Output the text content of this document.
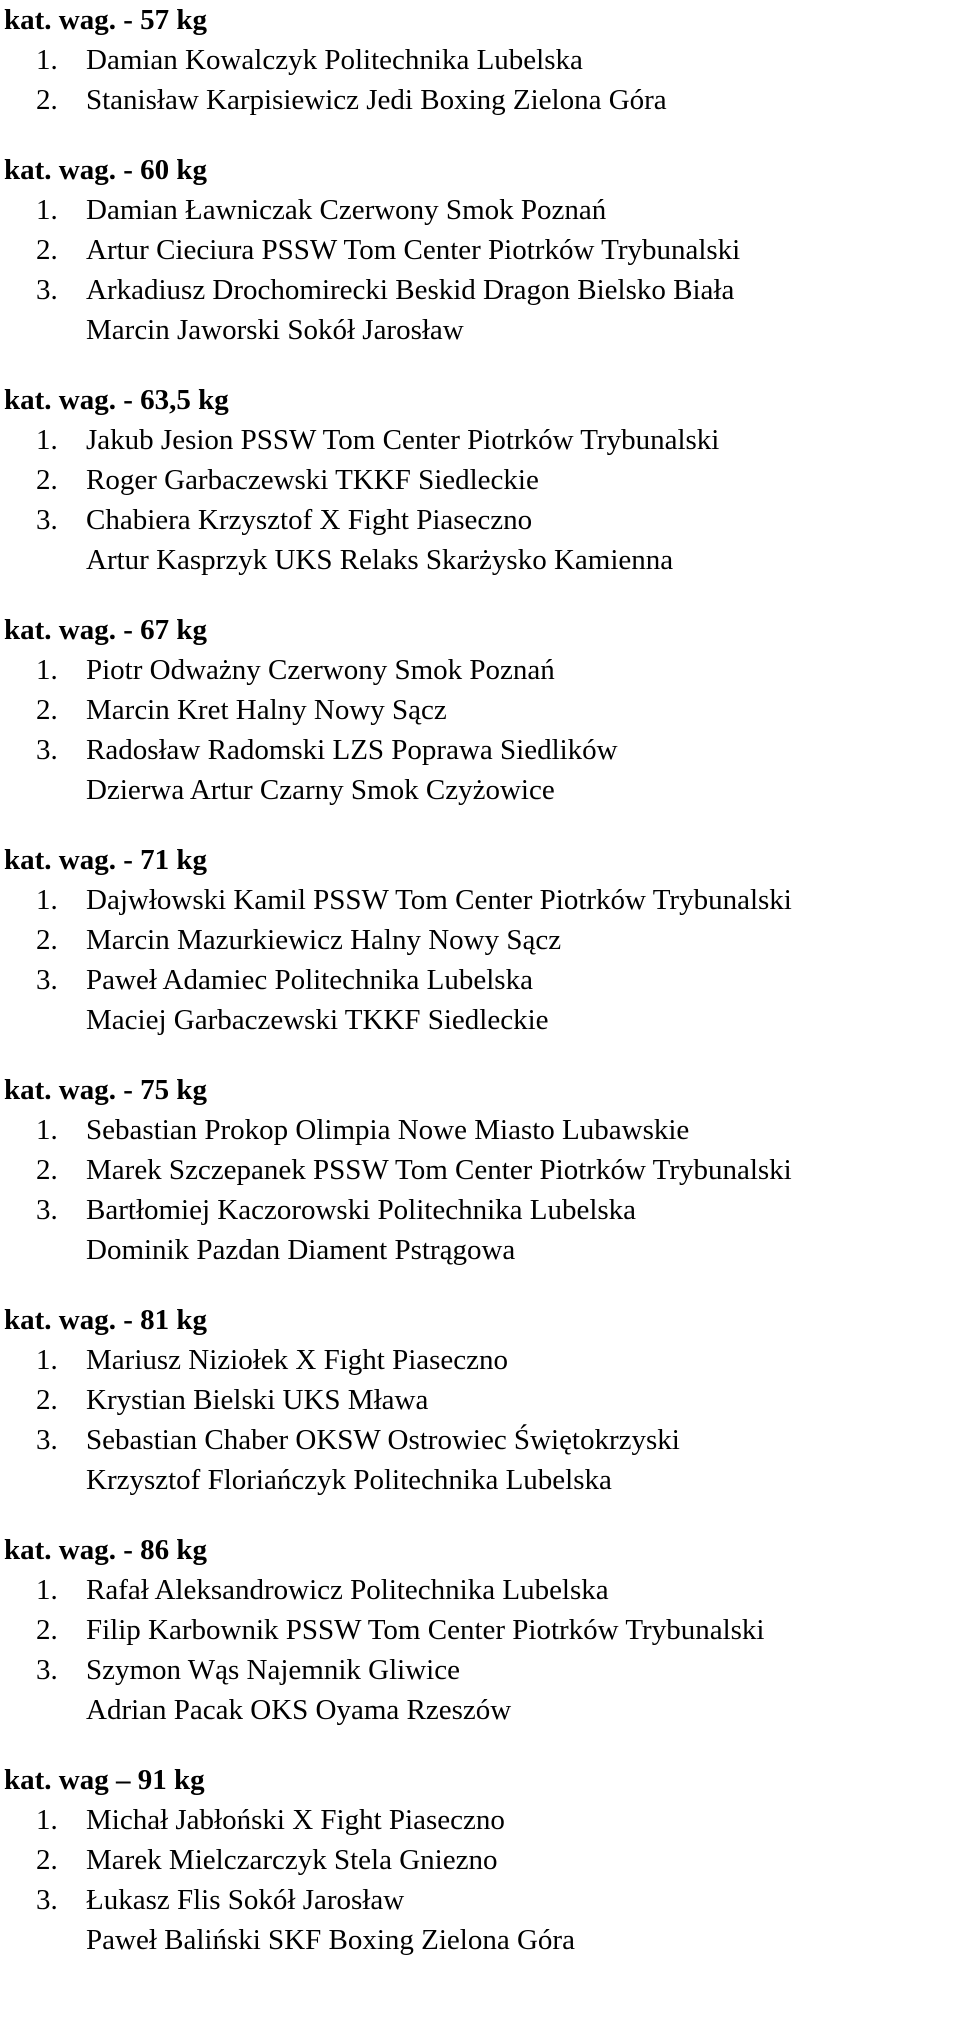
kat. wag. - 57 kg
1. Damian Kowalczyk Politechnika Lubelska
2. Stanisław Karpisiewicz Jedi Boxing Zielona Góra
kat. wag. - 60 kg
1. Damian Ławniczak Czerwony Smok Poznań
2. Artur Cieciura PSSW Tom Center Piotrków Trybunalski
3. Arkadiusz Drochomirecki Beskid Dragon Bielsko Biała
Marcin Jaworski Sokół Jarosław
kat. wag. - 63,5 kg
1. Jakub Jesion PSSW Tom Center Piotrków Trybunalski
2. Roger Garbaczewski TKKF Siedleckie
3. Chabiera Krzysztof X Fight Piaseczno
Artur Kasprzyk UKS Relaks Skarżysko Kamienna
kat. wag. - 67 kg
1. Piotr Odważny Czerwony Smok Poznań
2. Marcin Kret Halny Nowy Sącz
3. Radosław Radomski LZS Poprawa Siedlików
Dzierwa Artur Czarny Smok Czyżowice
kat. wag. - 71 kg
1. Dajwłowski Kamil PSSW Tom Center Piotrków Trybunalski
2. Marcin Mazurkiewicz Halny Nowy Sącz
3. Paweł Adamiec Politechnika Lubelska
Maciej Garbaczewski TKKF Siedleckie
kat. wag. - 75 kg
1. Sebastian Prokop Olimpia Nowe Miasto Lubawskie
2. Marek Szczepanek PSSW Tom Center Piotrków Trybunalski
3. Bartłomiej Kaczorowski Politechnika Lubelska
Dominik Pazdan Diament Pstrągowa
kat. wag. - 81 kg
1. Mariusz Niziołek X Fight Piaseczno
2. Krystian Bielski UKS Mława
3. Sebastian Chaber OKSW Ostrowiec Świętokrzyski
Krzysztof Floriańczyk Politechnika Lubelska
kat. wag. - 86 kg
1. Rafał Aleksandrowicz Politechnika Lubelska
2. Filip Karbownik PSSW Tom Center Piotrków Trybunalski
3. Szymon Wąs Najemnik Gliwice
Adrian Pacak OKS Oyama Rzeszów
kat. wag – 91 kg
1. Michał Jabłoński X Fight Piaseczno
2. Marek Mielczarczyk Stela Gniezno
3. Łukasz Flis Sokół Jarosław
Paweł Baliński SKF Boxing Zielona Góra
